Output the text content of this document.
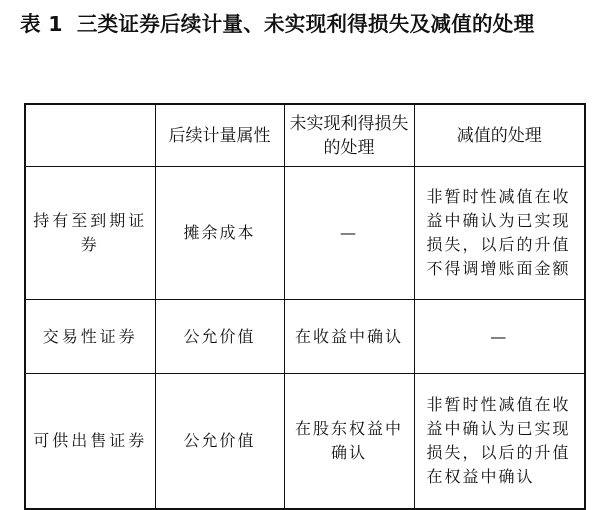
表 1 三类证券后续计量、未实现利得损失及减值的处理
	后续计量属性	未实现利得损失的处理	减值的处理
持有至到期证券	摊余成本	—	非暂时性减值在收益中确认为已实现损失，以后的升值不得调增账面金额
交易性证券	公允价值	在收益中确认	—
可供出售证券	公允价值	在股东权益中确认	非暂时性减值在收益中确认为已实现损失，以后的升值在权益中确认
